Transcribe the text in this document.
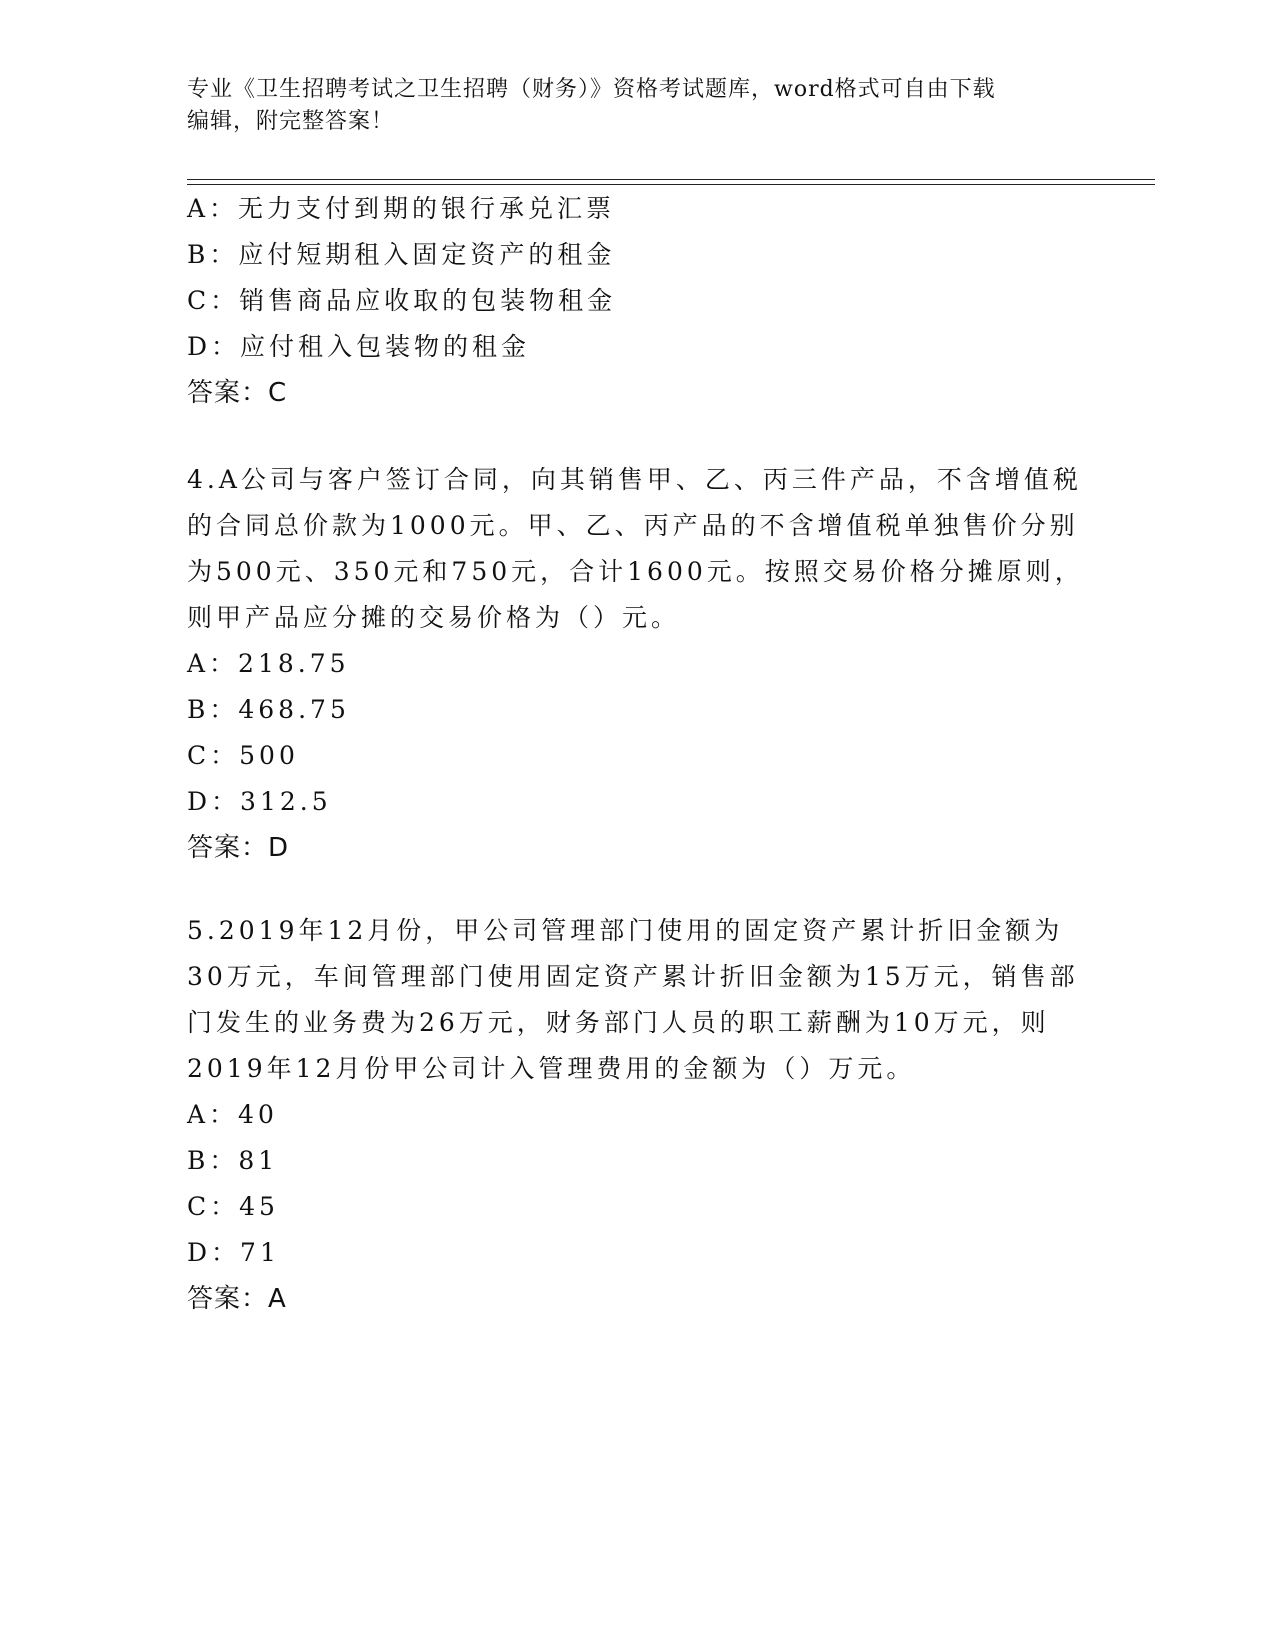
专业《卫生招聘考试之卫生招聘（财务）》资格考试题库，word格式可自由下载
编辑，附完整答案！
A：无力支付到期的银行承兑汇票
B：应付短期租入固定资产的租金
C：销售商品应收取的包装物租金
D：应付租入包装物的租金
答案：C
4.A公司与客户签订合同，向其销售甲、乙、丙三件产品，不含增值税
的合同总价款为1000元。甲、乙、丙产品的不含增值税单独售价分别
为500元、350元和750元，合计1600元。按照交易价格分摊原则，
则甲产品应分摊的交易价格为（）元。
A：218.75
B：468.75
C：500
D：312.5
答案：D
5.2019年12月份，甲公司管理部门使用的固定资产累计折旧金额为
30万元，车间管理部门使用固定资产累计折旧金额为15万元，销售部
门发生的业务费为26万元，财务部门人员的职工薪酬为10万元，则
2019年12月份甲公司计入管理费用的金额为（）万元。
A：40
B：81
C：45
D：71
答案：A
